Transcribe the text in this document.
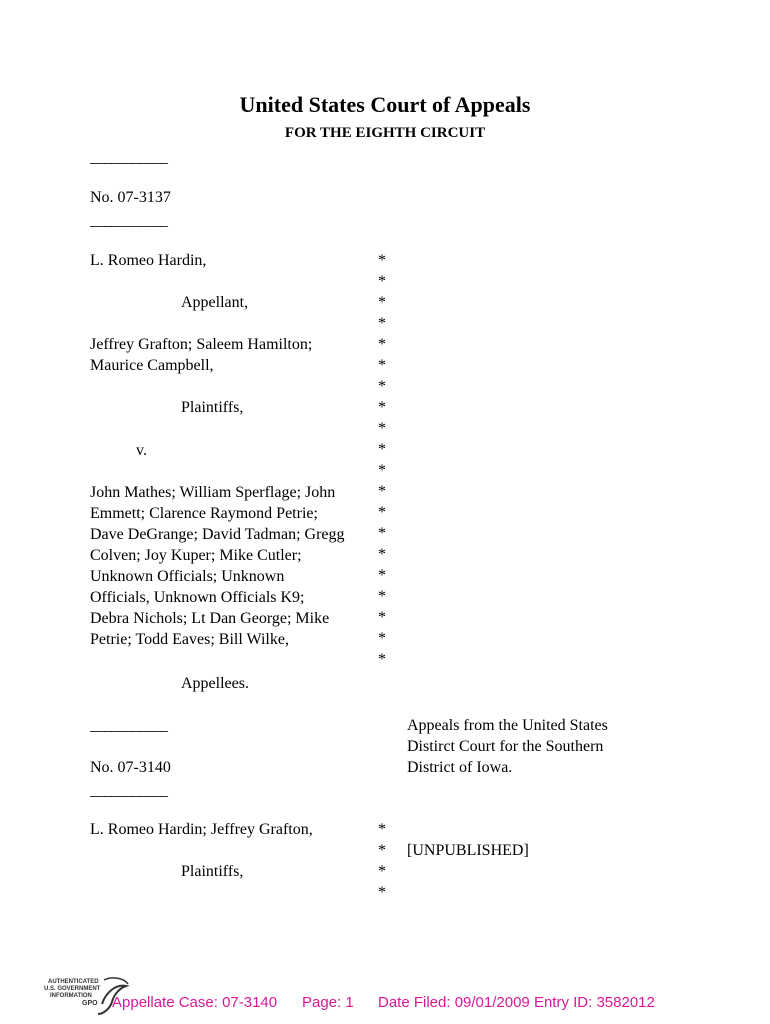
United States Court of Appeals
FOR THE EIGHTH CIRCUIT
___________
No. 07-3137
___________
L. Romeo Hardin,
Appellant,
Jeffrey Grafton; Saleem Hamilton;
Maurice Campbell,
Plaintiffs,
v.
John Mathes; William Sperflage; John
Emmett; Clarence Raymond Petrie;
Dave DeGrange; David Tadman; Gregg
Colven; Joy Kuper; Mike Cutler;
Unknown Officials; Unknown
Officials, Unknown Officials K9;
Debra Nichols; Lt Dan George; Mike
Petrie; Todd Eaves; Bill Wilke,
Appellees.
*
*
*
*
*
*
*
*
*
*
*
*
*
*
*
*
*
*
*
*
Appeals from the United States
Distirct Court for the Southern
District of Iowa.
___________
No. 07-3140
___________
L. Romeo Hardin; Jeffrey Grafton,
Plaintiffs,
[UNPUBLISHED]
*
*
*
*
AUTHENTICATED
U.S. GOVERNMENT
INFORMATION
GPO Appellate Case: 07-3140 Page: 1 Date Filed: 09/01/2009 Entry ID: 3582012
